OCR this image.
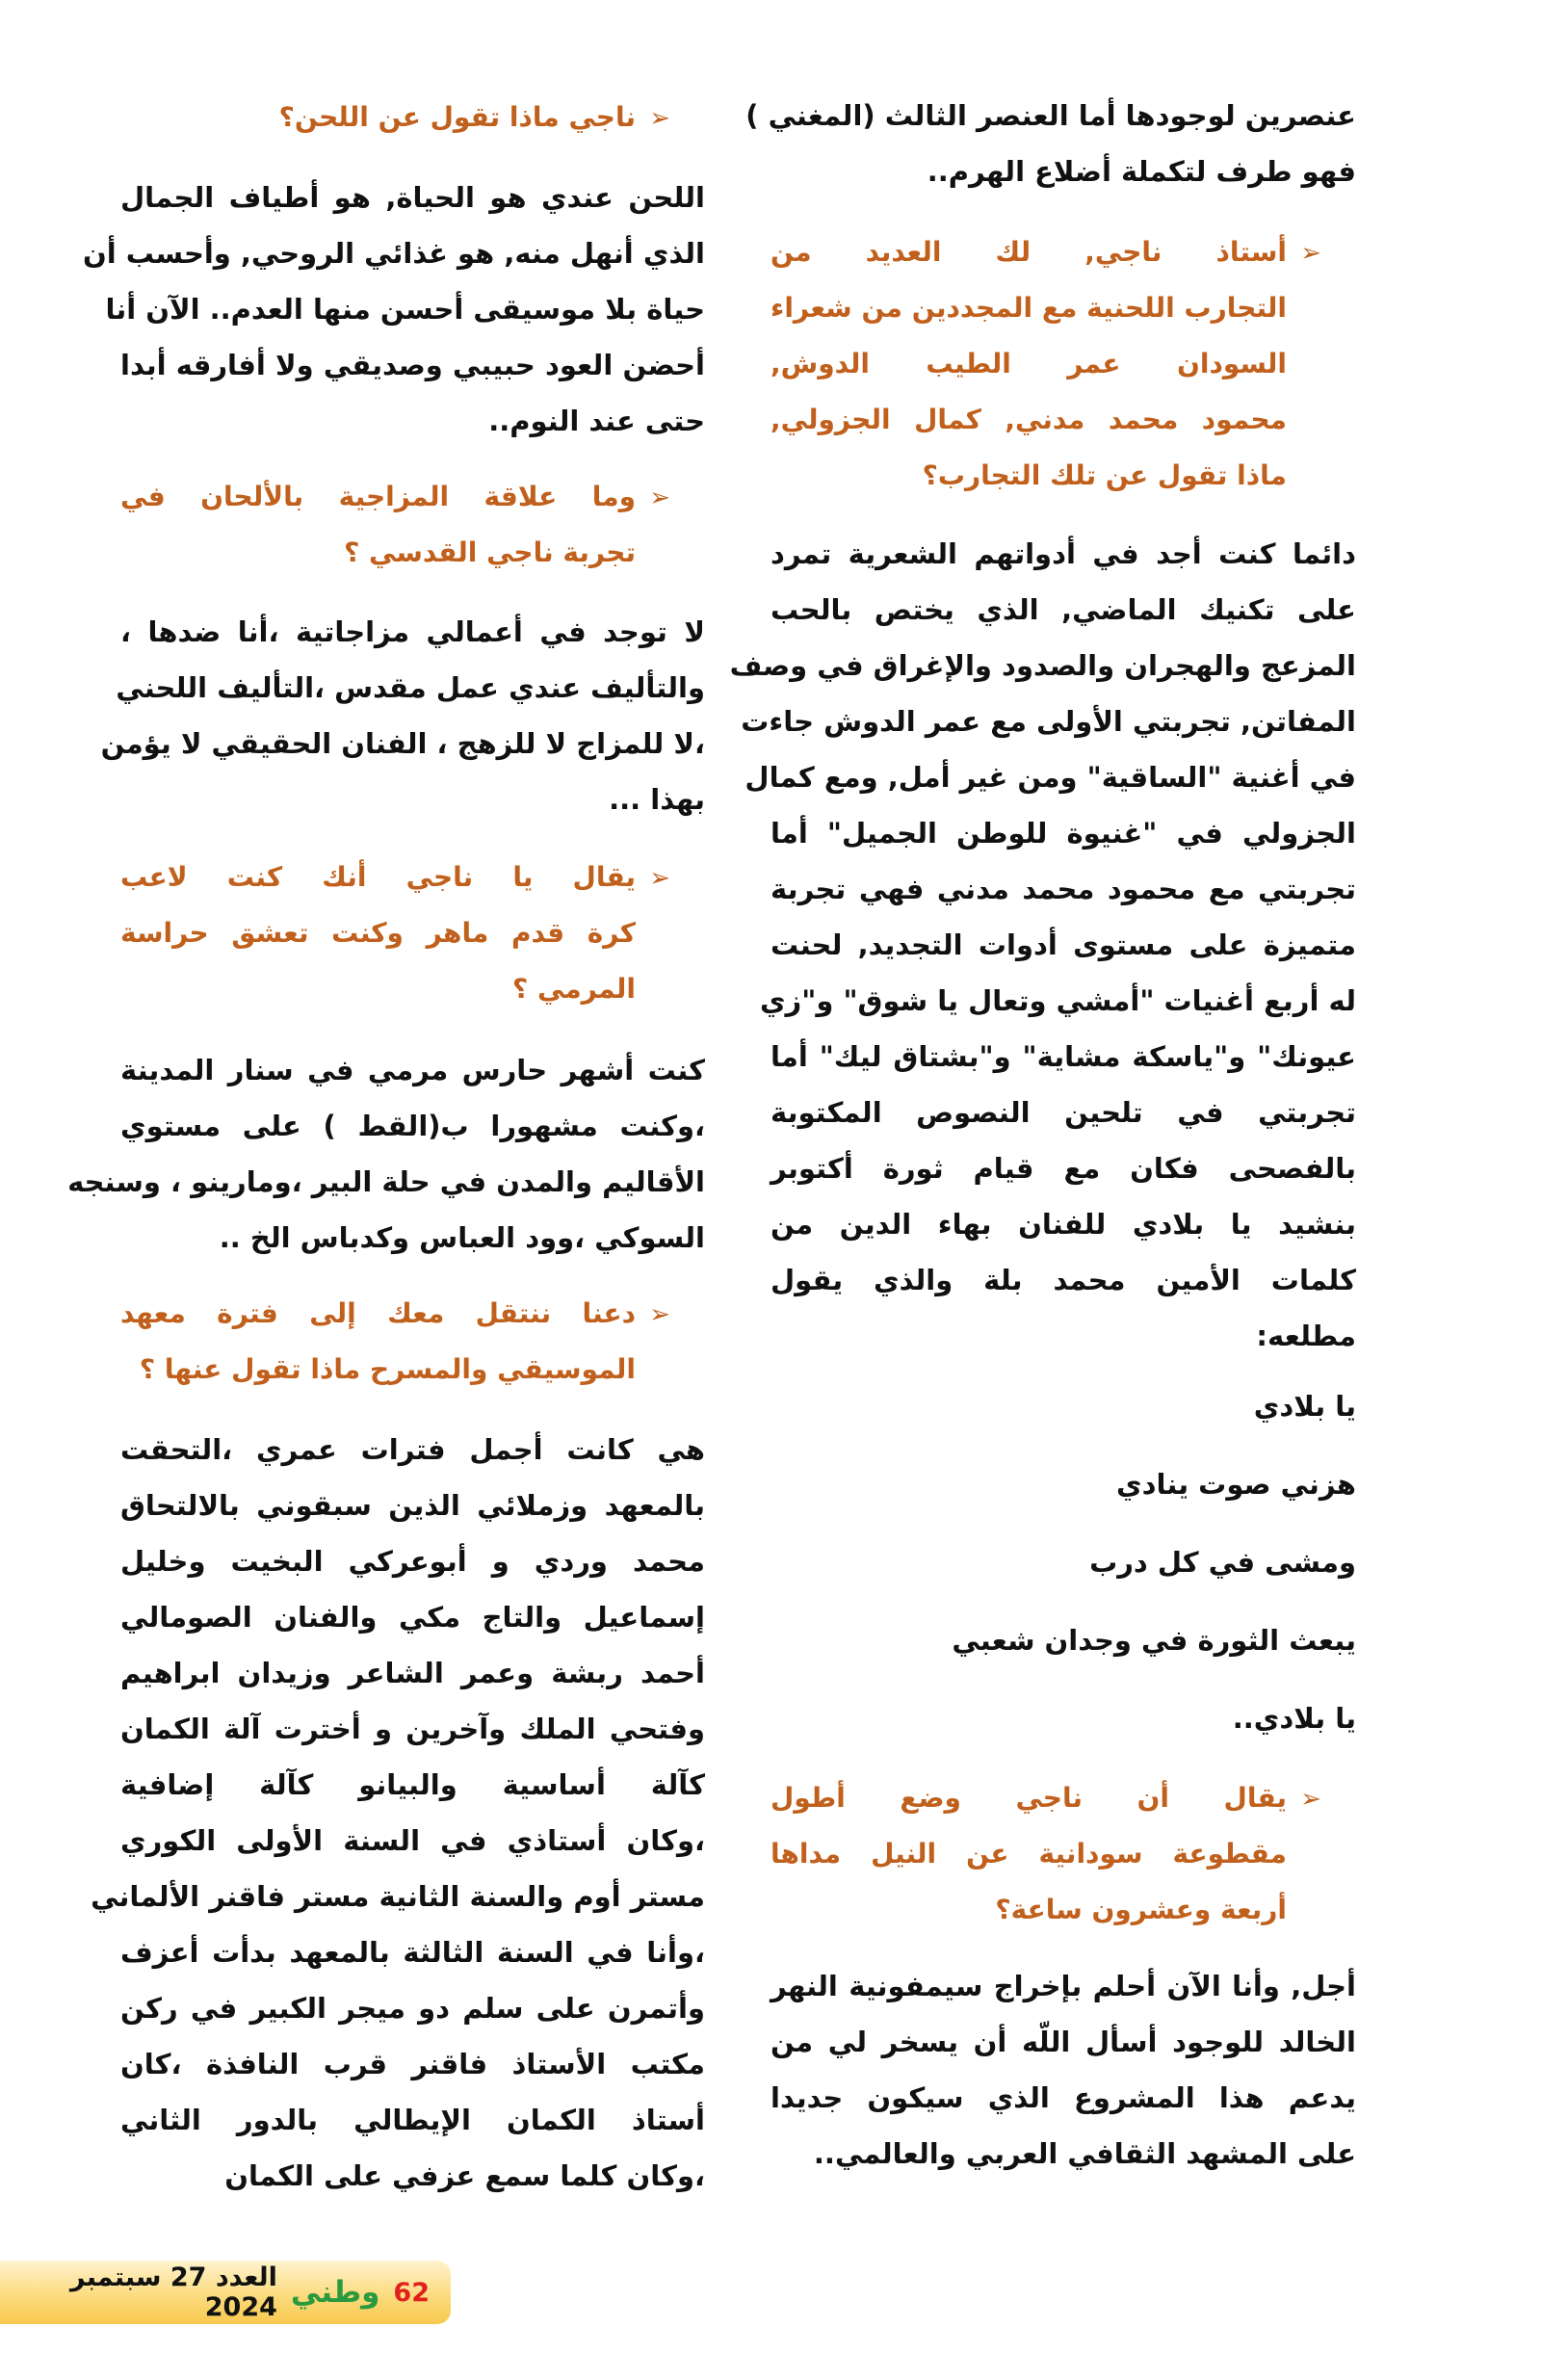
عنصرين لوجودها أما العنصر الثالث (المغني )
فهو طرف لتكملة أضلاع الهرم..
➢
أستاذ ناجي, لك العديد من
التجارب اللحنية مع المجددين من شعراء
السودان عمر الطيب الدوش,
محمود محمد مدني, كمال الجزولي,
ماذا تقول عن تلك التجارب؟
دائما كنت أجد في أدواتهم الشعرية تمرد
على تكنيك الماضي, الذي يختص بالحب
المزعج والهجران والصدود والإغراق في وصف
المفاتن, تجربتي الأولى مع عمر الدوش جاءت
في أغنية "الساقية" ومن غير أمل, ومع كمال
الجزولي في "غنيوة للوطن الجميل" أما
تجربتي مع محمود محمد مدني فهي تجربة
متميزة على مستوى أدوات التجديد, لحنت
له أربع أغنيات "أمشي وتعال يا شوق" و"زي
عيونك" و"ياسكة مشاية" و"بشتاق ليك" أما
تجربتي في تلحين النصوص المكتوبة
بالفصحى فكان مع قيام ثورة أكتوبر
بنشيد يا بلادي للفنان بهاء الدين من
كلمات الأمين محمد بلة والذي يقول
مطلعه:
يا بلادي
هزني صوت ينادي
ومشى في كل درب
يبعث الثورة في وجدان شعبي
يا بلادي..
➢
يقال أن ناجي وضع أطول
مقطوعة سودانية عن النيل مداها
أربعة وعشرون ساعة؟
أجل, وأنا الآن أحلم بإخراج سيمفونية النهر
الخالد للوجود أسأل اللّه أن يسخر لي من
يدعم هذا المشروع الذي سيكون جديدا
على المشهد الثقافي العربي والعالمي..
➢
ناجي ماذا تقول عن اللحن؟
اللحن عندي هو الحياة, هو أطياف الجمال
الذي أنهل منه, هو غذائي الروحي, وأحسب أن
حياة بلا موسيقى أحسن منها العدم.. الآن أنا
أحضن العود حبيبي وصديقي ولا أفارقه أبدا
حتى عند النوم..
➢
وما علاقة المزاجية بالألحان في
تجربة ناجي القدسي ؟
لا توجد في أعمالي مزاجاتية ،أنا ضدها ،
والتأليف عندي عمل مقدس ،التأليف اللحني
،لا للمزاج لا للزهج ، الفنان الحقيقي لا يؤمن
بهذا ...
➢
يقال يا ناجي أنك كنت لاعب
كرة قدم ماهر وكنت تعشق حراسة
المرمي ؟
كنت أشهر حارس مرمي في سنار المدينة
،وكنت مشهورا ب(القط ) على مستوي
الأقاليم والمدن في حلة البير ،ومارينو ، وسنجه
السوكي ،وود العباس وكدباس الخ ..
➢
دعنا ننتقل معك إلى فترة معهد
الموسيقي والمسرح ماذا تقول عنها ؟
هي كانت أجمل فترات عمري ،التحقت
بالمعهد وزملائي الذين سبقوني بالالتحاق
محمد وردي و أبوعركي البخيت وخليل
إسماعيل والتاج مكي والفنان الصومالي
أحمد ربشة وعمر الشاعر وزيدان ابراهيم
وفتحي الملك وآخرين و أخترت آلة الكمان
كآلة أساسية والبيانو كآلة إضافية
،وكان أستاذي في السنة الأولى الكوري
مستر أوم والسنة الثانية مستر فاقنر الألماني
،وأنا في السنة الثالثة بالمعهد بدأت أعزف
وأتمرن على سلم دو ميجر الكبير في ركن
مكتب الأستاذ فاقنر قرب النافذة ،كان
أستاذ الكمان الإيطالي بالدور الثاني
،وكان كلما سمع عزفي على الكمان
62
وطني
العدد 27 سبتمبر 2024
